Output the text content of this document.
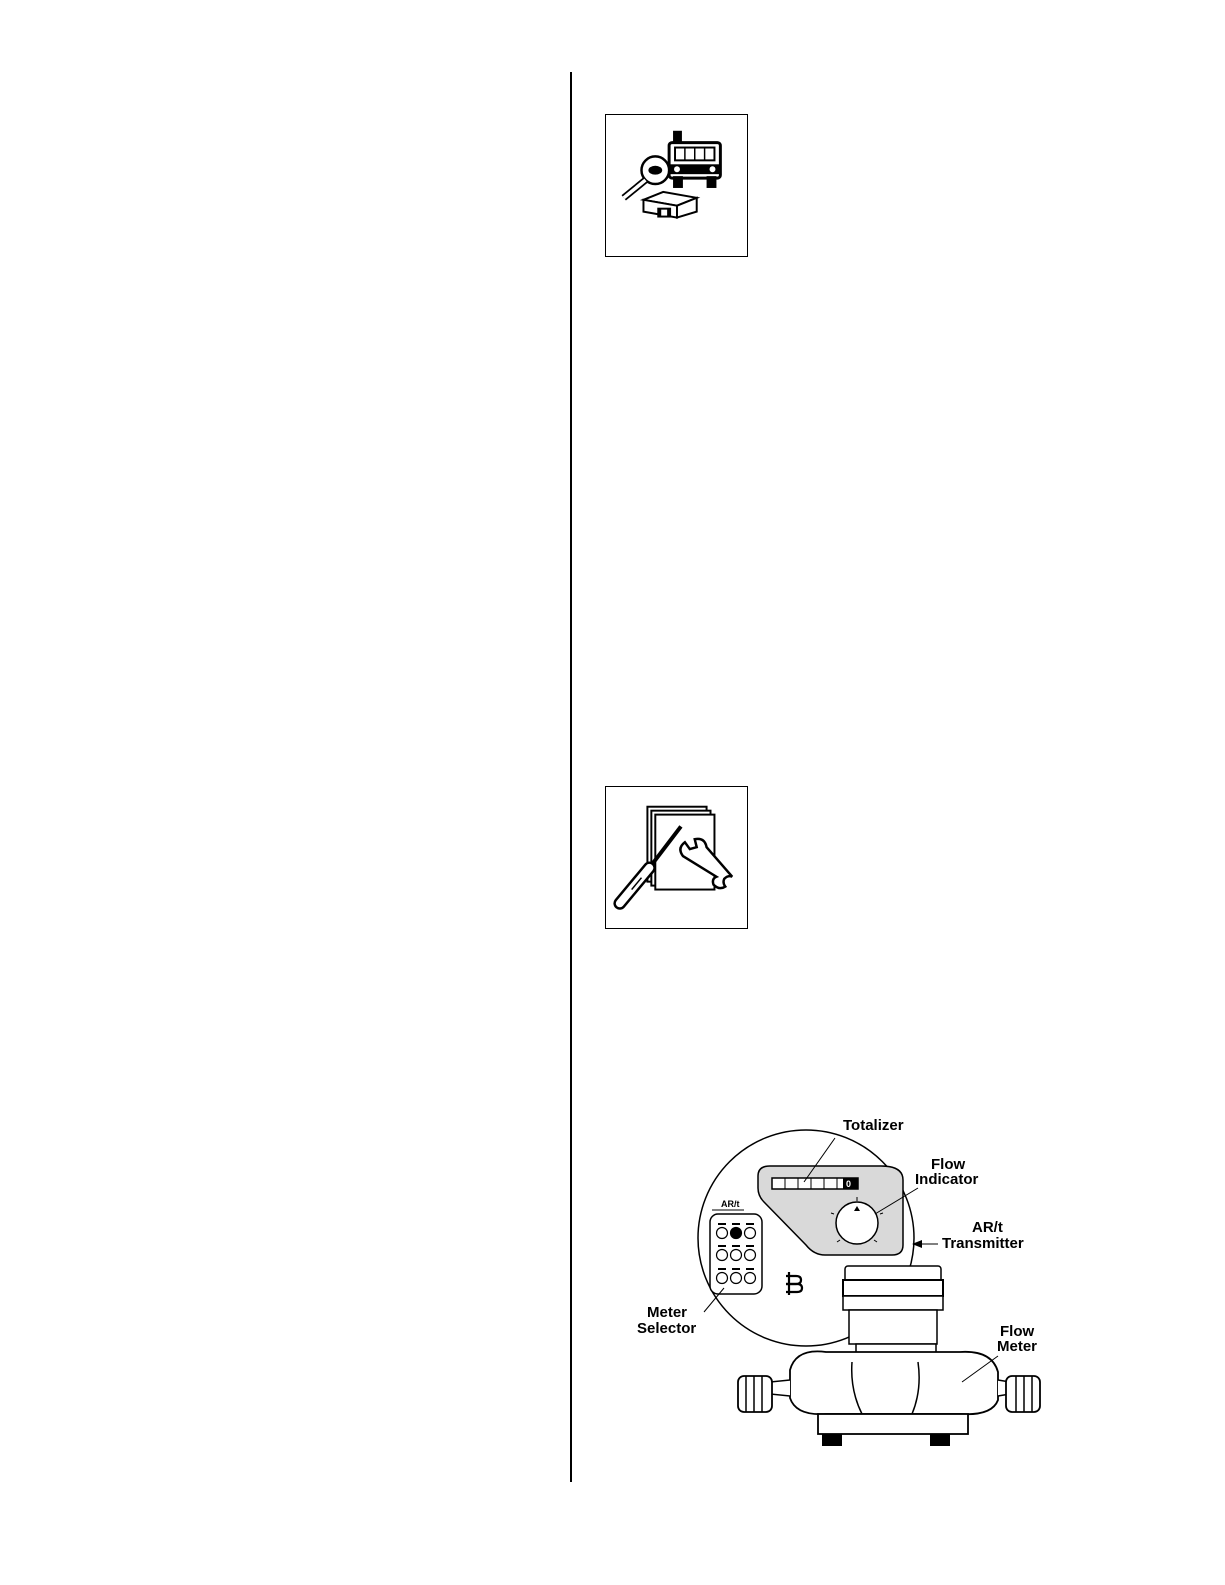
0
AR/t
Totalizer
Flow
Indicator
AR/t
Transmitter
Meter
Selector	Flow
Meter
